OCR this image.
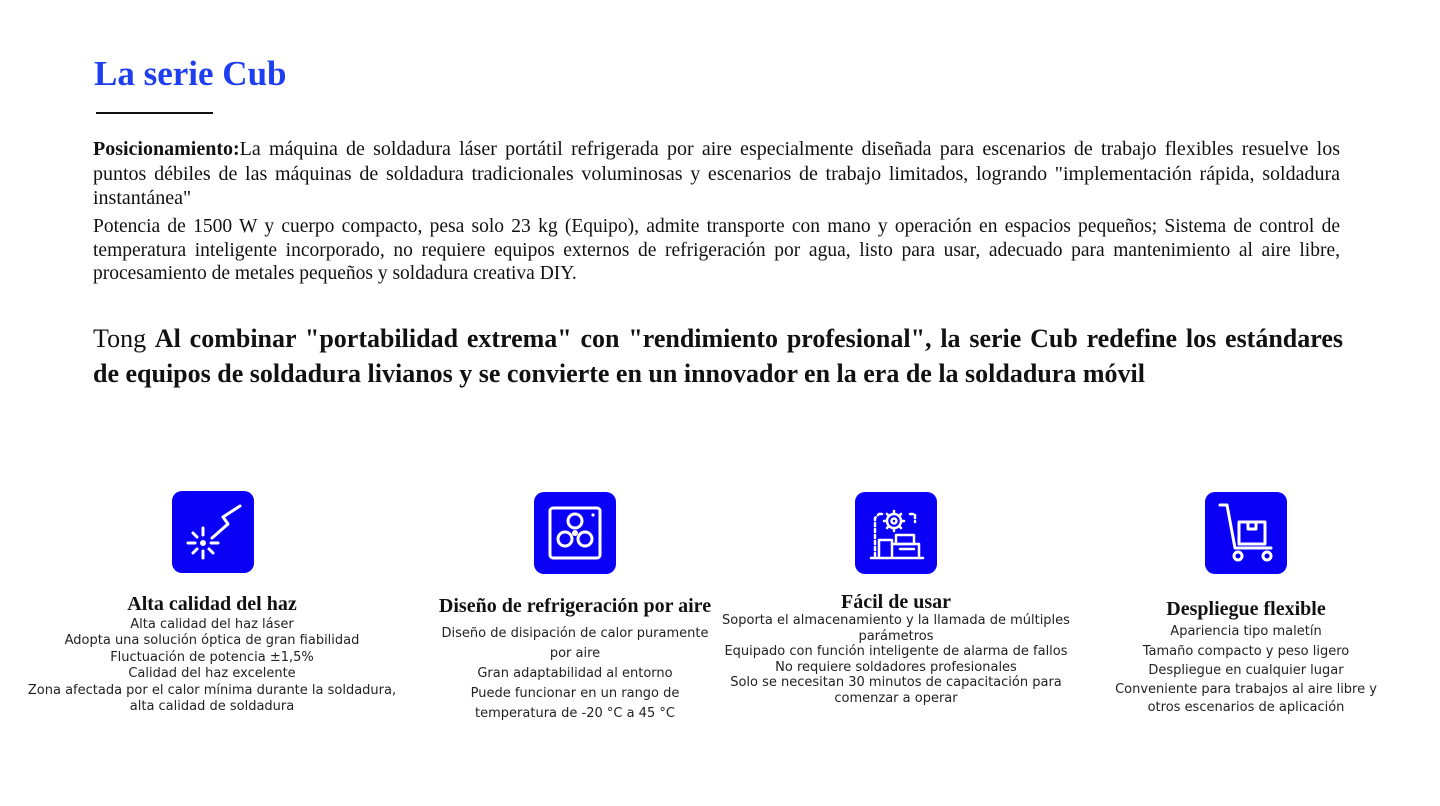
La serie Cub

Posicionamiento:La máquina de soldadura láser portátil refrigerada por aire especialmente diseñada para escenarios de trabajo flexibles resuelve los puntos débiles de las máquinas de soldadura tradicionales voluminosas y escenarios de trabajo limitados, logrando "implementación rápida, soldadura instantánea"

Potencia de 1500 W y cuerpo compacto, pesa solo 23 kg (Equipo), admite transporte con mano y operación en espacios pequeños; Sistema de control de temperatura inteligente incorporado, no requiere equipos externos de refrigeración por agua, listo para usar, adecuado para mantenimiento al aire libre, procesamiento de metales pequeños y soldadura creativa DIY.

Tong Al combinar "portabilidad extrema" con "rendimiento profesional", la serie Cub redefine los estándares de equipos de soldadura livianos y se convierte en un innovador en la era de la soldadura móvil

Alta calidad del haz
Alta calidad del haz láser
Adopta una solución óptica de gran fiabilidad
Fluctuación de potencia ±1,5%
Calidad del haz excelente
Zona afectada por el calor mínima durante la soldadura,
alta calidad de soldadura
Diseño de refrigeración por aire
Diseño de disipación de calor puramente
por aire
Gran adaptabilidad al entorno
Puede funcionar en un rango de
temperatura de -20 °C a 45 °C
Fácil de usar
Soporta el almacenamiento y la llamada de múltiples
parámetros
Equipado con función inteligente de alarma de fallos
No requiere soldadores profesionales
Solo se necesitan 30 minutos de capacitación para
comenzar a operar
Despliegue flexible
Apariencia tipo maletín
Tamaño compacto y peso ligero
Despliegue en cualquier lugar
Conveniente para trabajos al aire libre y
otros escenarios de aplicación
